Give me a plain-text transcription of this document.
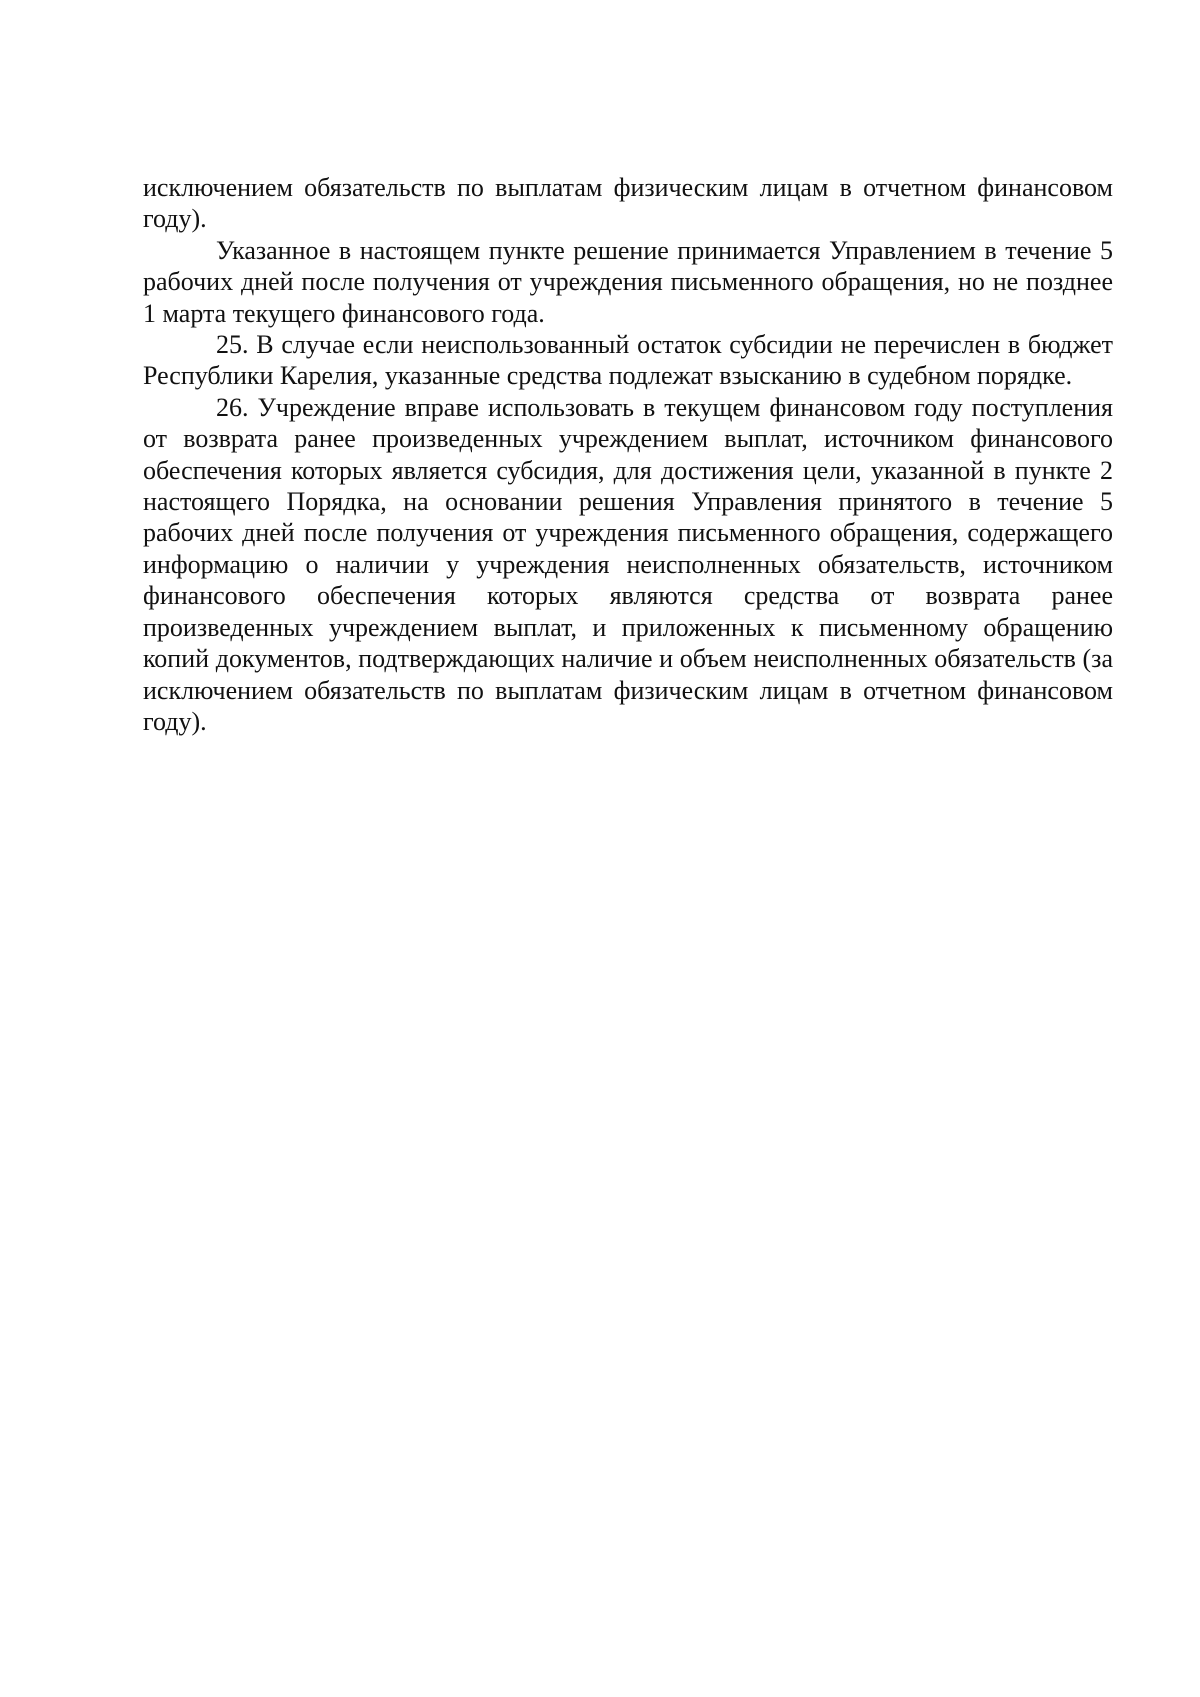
исключением обязательств по выплатам физическим лицам в отчетном финансовом году).

Указанное в настоящем пункте решение принимается Управлением в течение 5 рабочих дней после получения от учреждения письменного обращения, но не позднее 1 марта текущего финансового года.

25. В случае если неиспользованный остаток субсидии не перечислен в бюджет Республики Карелия, указанные средства подлежат взысканию в судебном порядке.

26. Учреждение вправе использовать в текущем финансовом году поступления от возврата ранее произведенных учреждением выплат, источником финансового обеспечения которых является субсидия, для достижения цели, указанной в пункте 2 настоящего Порядка, на основании решения Управления принятого в течение 5 рабочих дней после получения от учреждения письменного обращения, содержащего информацию о наличии у учреждения неисполненных обязательств, источником финансового обеспечения которых являются средства от возврата ранее произведенных учреждением выплат, и приложенных к письменному обращению копий документов, подтверждающих наличие и объем неисполненных обязательств (за исключением обязательств по выплатам физическим лицам в отчетном финансовом году).
